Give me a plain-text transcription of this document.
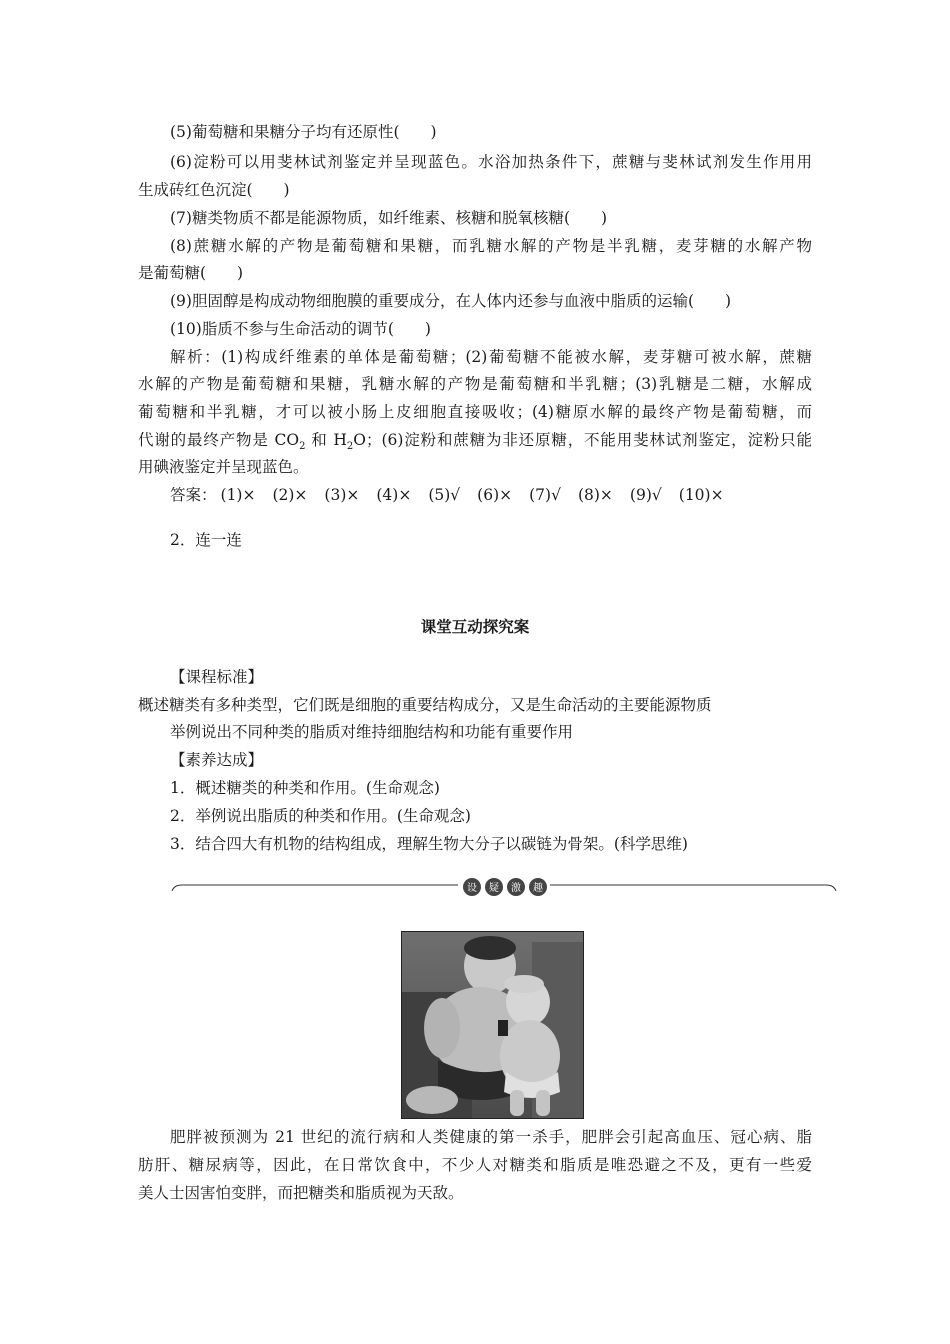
(5)葡萄糖和果糖分子均有还原性(　　)
(6)淀粉可以用斐林试剂鉴定并呈现蓝色。水浴加热条件下，蔗糖与斐林试剂发生作用用
生成砖红色沉淀(　　)
(7)糖类物质不都是能源物质，如纤维素、核糖和脱氧核糖(　　)
(8)蔗糖水解的产物是葡萄糖和果糖，而乳糖水解的产物是半乳糖，麦芽糖的水解产物
是葡萄糖(　　)
(9)胆固醇是构成动物细胞膜的重要成分，在人体内还参与血液中脂质的运输(　　)
(10)脂质不参与生命活动的调节(　　)
解析：(1)构成纤维素的单体是葡萄糖；(2)葡萄糖不能被水解，麦芽糖可被水解，蔗糖
水解的产物是葡萄糖和果糖，乳糖水解的产物是葡萄糖和半乳糖；(3)乳糖是二糖，水解成
葡萄糖和半乳糖，才可以被小肠上皮细胞直接吸收；(4)糖原水解的最终产物是葡萄糖，而
代谢的最终产物是 $CO_2$ 和 $H_2O$；(6)淀粉和蔗糖为非还原糖，不能用斐林试剂鉴定，淀粉只能
用碘液鉴定并呈现蓝色。
答案： (1)× (2)× (3)× (4)× (5)√ (6)× (7)√ (8)× (9)√ (10)×
2．连一连
课堂互动探究案
【课程标准】
概述糖类有多种类型，它们既是细胞的重要结构成分，又是生命活动的主要能源物质
举例说出不同种类的脂质对维持细胞结构和功能有重要作用
【素养达成】
1．概述糖类的种类和作用。(生命观念)
2．举例说出脂质的种类和作用。(生命观念)
3．结合四大有机物的结构组成，理解生物大分子以碳链为骨架。(科学思维)
设 疑 激 趣
肥胖被预测为 21 世纪的流行病和人类健康的第一杀手，肥胖会引起高血压、冠心病、脂
肪肝、糖尿病等，因此，在日常饮食中，不少人对糖类和脂质是唯恐避之不及，更有一些爱
美人士因害怕变胖，而把糖类和脂质视为天敌。
